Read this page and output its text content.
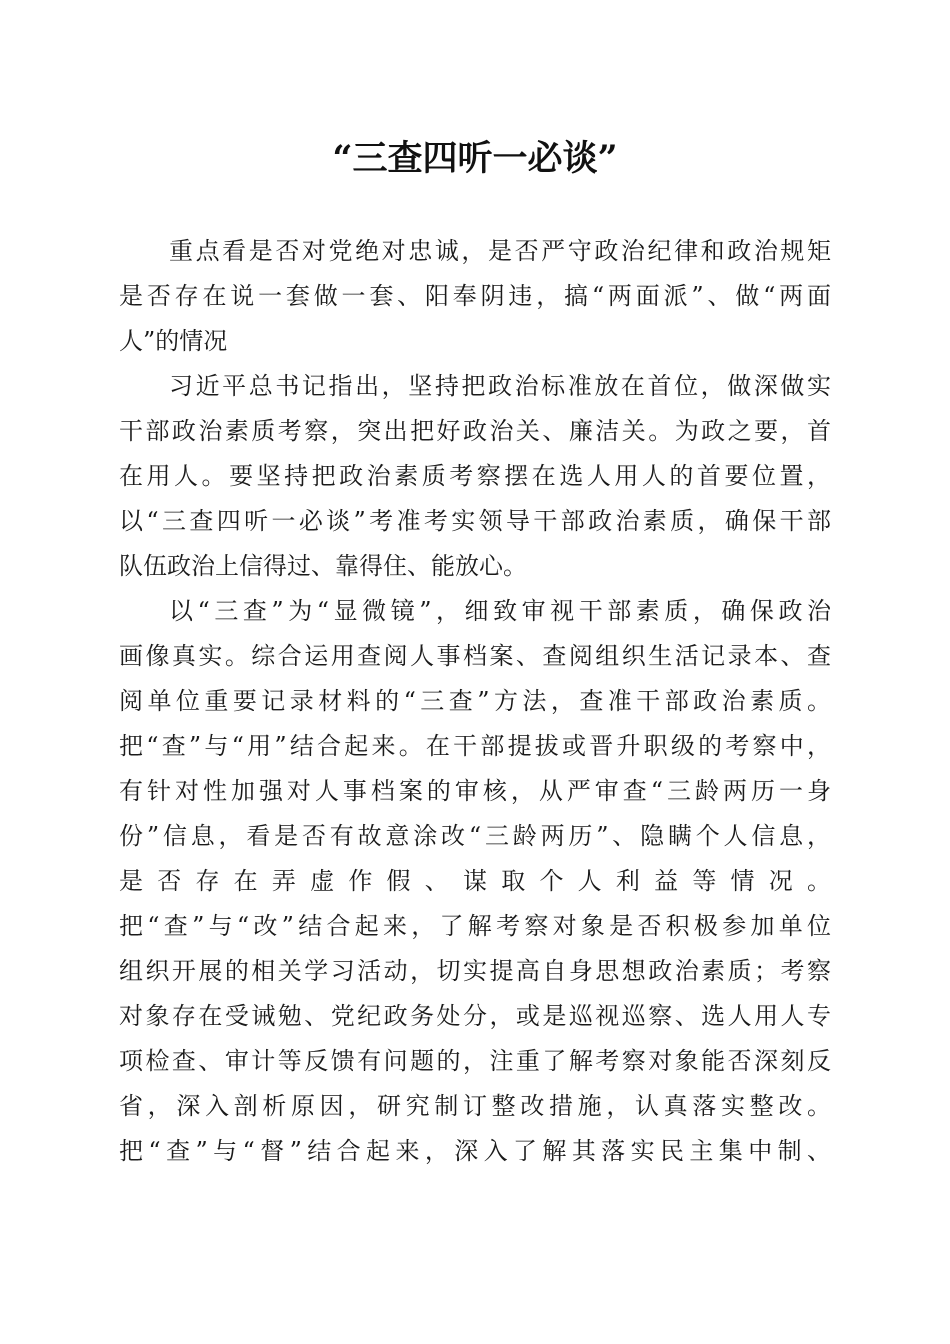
“三查四听一必谈”
重点看是否对党绝对忠诚，是否严守政治纪律和政治规矩
是否存在说一套做一套、阳奉阴违，搞“两面派”、做“两面
人”的情况
习近平总书记指出，坚持把政治标准放在首位，做深做实
干部政治素质考察，突出把好政治关、廉洁关。为政之要，首
在用人。要坚持把政治素质考察摆在选人用人的首要位置，
以“三查四听一必谈”考准考实领导干部政治素质，确保干部
队伍政治上信得过、靠得住、能放心。
以“三查”为“显微镜”，细致审视干部素质，确保政治
画像真实。综合运用查阅人事档案、查阅组织生活记录本、查
阅单位重要记录材料的“三查”方法，查准干部政治素质。
把“查”与“用”结合起来。在干部提拔或晋升职级的考察中，
有针对性加强对人事档案的审核，从严审查“三龄两历一身
份”信息，看是否有故意涂改“三龄两历”、隐瞒个人信息，
是否存在弄虚作假、谋取个人利益等情况。
把“查”与“改”结合起来，了解考察对象是否积极参加单位
组织开展的相关学习活动，切实提高自身思想政治素质；考察
对象存在受诫勉、党纪政务处分，或是巡视巡察、选人用人专
项检查、审计等反馈有问题的，注重了解考察对象能否深刻反
省，深入剖析原因，研究制订整改措施，认真落实整改。
把“查”与“督”结合起来，深入了解其落实民主集中制、
